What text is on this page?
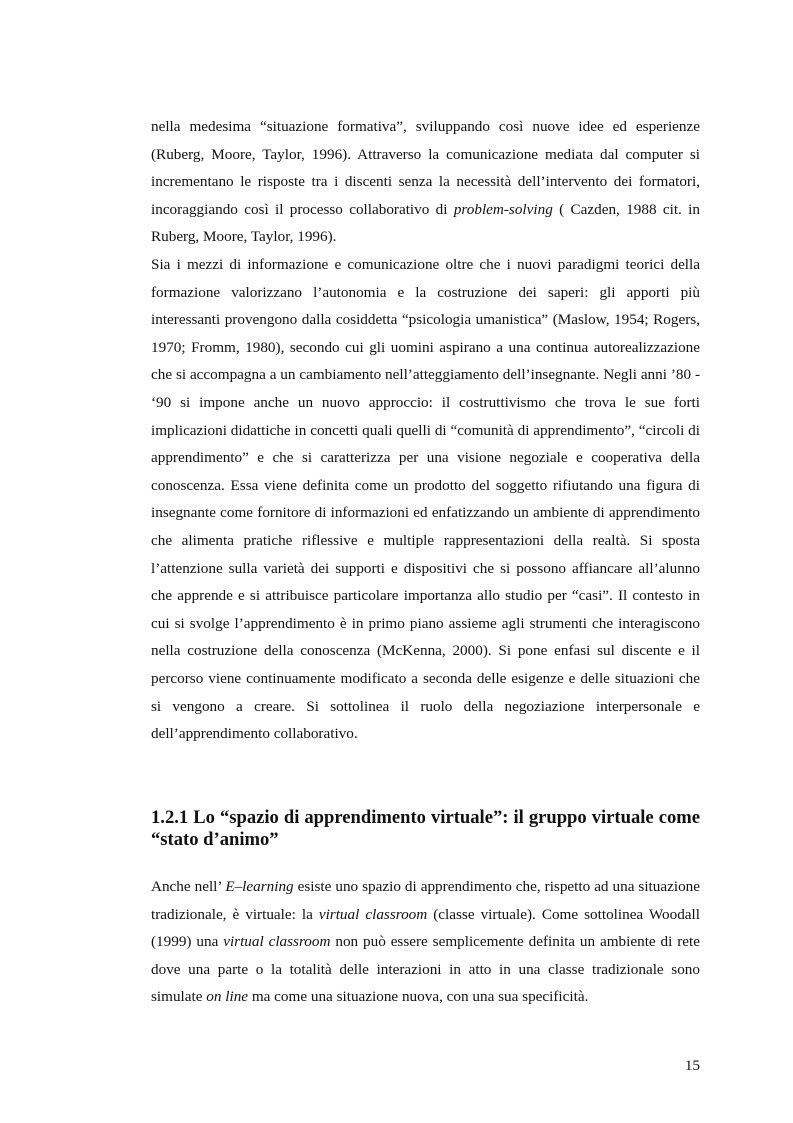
nella medesima “situazione formativa”, sviluppando così nuove idee ed esperienze (Ruberg, Moore, Taylor, 1996). Attraverso la comunicazione mediata dal computer si incrementano le risposte tra i discenti senza la necessità dell’intervento dei formatori, incoraggiando così il processo collaborativo di problem-solving ( Cazden, 1988 cit. in Ruberg, Moore, Taylor, 1996).

Sia i mezzi di informazione e comunicazione oltre che i nuovi paradigmi teorici della formazione valorizzano l’autonomia e la costruzione dei saperi: gli apporti più interessanti provengono dalla cosiddetta “psicologia umanistica” (Maslow, 1954; Rogers, 1970; Fromm, 1980), secondo cui gli uomini aspirano a una continua autorealizzazione che si accompagna a un cambiamento nell’atteggiamento dell’insegnante. Negli anni ’80 - ‘90 si impone anche un nuovo approccio: il costruttivismo che trova le sue forti implicazioni didattiche in concetti quali quelli di “comunità di apprendimento”, “circoli di apprendimento” e che si caratterizza per una visione negoziale e cooperativa della conoscenza. Essa viene definita come un prodotto del soggetto rifiutando una figura di insegnante come fornitore di informazioni ed enfatizzando un ambiente di apprendimento che alimenta pratiche riflessive e multiple rappresentazioni della realtà. Si sposta l’attenzione sulla varietà dei supporti e dispositivi che si possono affiancare all’alunno che apprende e si attribuisce particolare importanza allo studio per “casi”. Il contesto in cui si svolge l’apprendimento è in primo piano assieme agli strumenti che interagiscono nella costruzione della conoscenza (McKenna, 2000). Si pone enfasi sul discente e il percorso viene continuamente modificato a seconda delle esigenze e delle situazioni che si vengono a creare. Si sottolinea il ruolo della negoziazione interpersonale e dell’apprendimento collaborativo.

1.2.1 Lo “spazio di apprendimento virtuale”: il gruppo virtuale come “stato d’animo”

Anche nell’ E–learning esiste uno spazio di apprendimento che, rispetto ad una situazione tradizionale, è virtuale: la virtual classroom (classe virtuale). Come sottolinea Woodall (1999) una virtual classroom non può essere semplicemente definita un ambiente di rete dove una parte o la totalità delle interazioni in atto in una classe tradizionale sono simulate on line ma come una situazione nuova, con una sua specificità.

15
